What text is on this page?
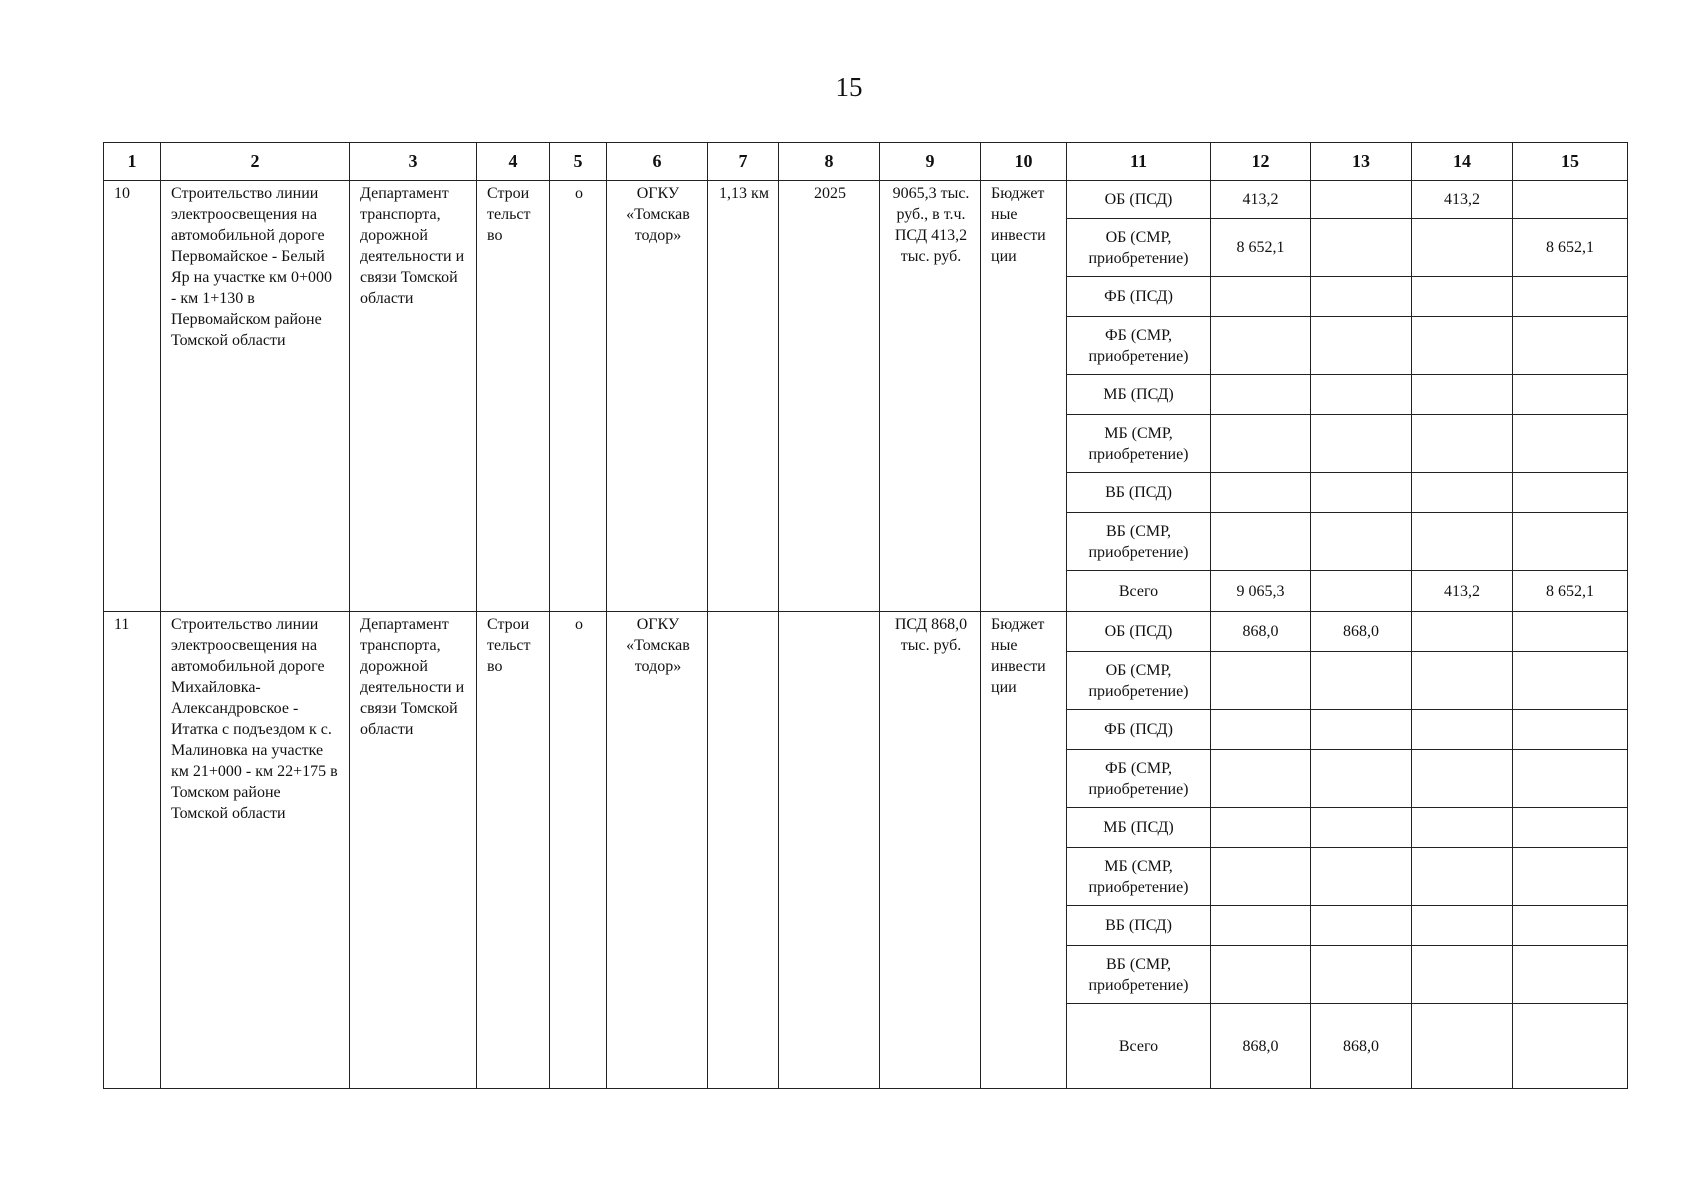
15
1	2	3	4	5	6	7	8	9	10	11	12	13	14	15
10	Строительство линии электроосвещения на автомобильной дороге Первомайское - Белый Яр на участке км 0+000 - км 1+130 в Первомайском районе Томской области	Департамент транспорта, дорожной деятельности и связи Томской области	Строи тельст во	о	ОГКУ «Томскав тодор»	1,13 км	2025	9065,3 тыс. руб., в т.ч. ПСД 413,2 тыс. руб.	Бюджет ные инвести ции	ОБ (ПСД)	413,2		413,2	
										ОБ (СМР, приобретение)	8 652,1			8 652,1
										ФБ (ПСД)				
										ФБ (СМР, приобретение)				
										МБ (ПСД)				
										МБ (СМР, приобретение)				
										ВБ (ПСД)				
										ВБ (СМР, приобретение)				
										Всего	9 065,3		413,2	8 652,1
11	Строительство линии электроосвещения на автомобильной дороге Михайловка-Александровское - Итатка с подъездом к с. Малиновка на участке км 21+000 - км 22+175 в Томском районе Томской области	Департамент транспорта, дорожной деятельности и связи Томской области	Строи тельст во	о	ОГКУ «Томскав тодор»			ПСД 868,0 тыс. руб.	Бюджет ные инвести ции	ОБ (ПСД)	868,0	868,0		
										ОБ (СМР, приобретение)				
										ФБ (ПСД)				
										ФБ (СМР, приобретение)				
										МБ (ПСД)				
										МБ (СМР, приобретение)				
										ВБ (ПСД)				
										ВБ (СМР, приобретение)				
										Всего	868,0	868,0		
